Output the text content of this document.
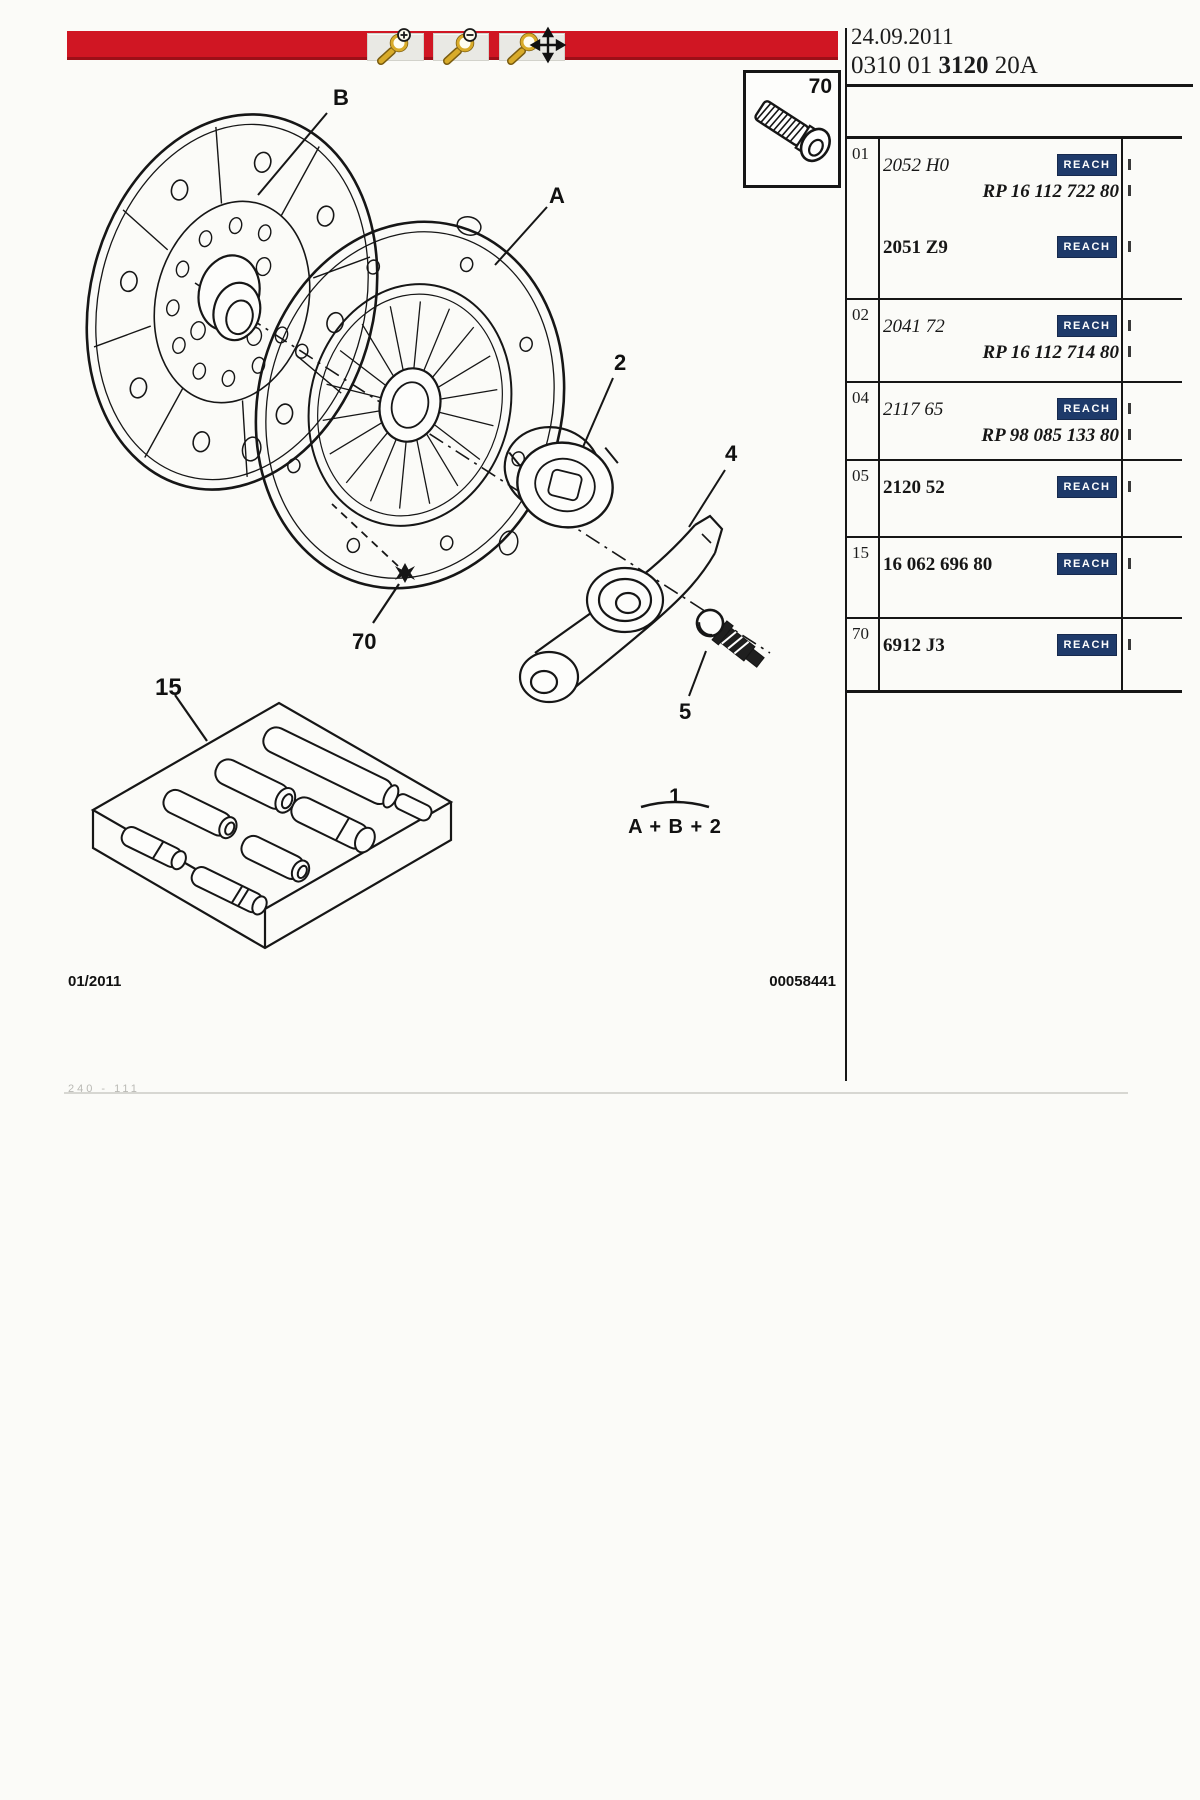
24.09.2011
0310 01 3120 20A
70
B
A
2
4
5
70
15
1
A + B + 2
01/2011	00058441
240 - 111
01
2052 H0	REACH
RP 16 112 722 80
2051 Z9	REACH
02
2041 72	REACH
RP 16 112 714 80
04
2117 65	REACH
RP 98 085 133 80
05
2120 52	REACH
15
16 062 696 80	REACH
70
6912 J3	REACH
